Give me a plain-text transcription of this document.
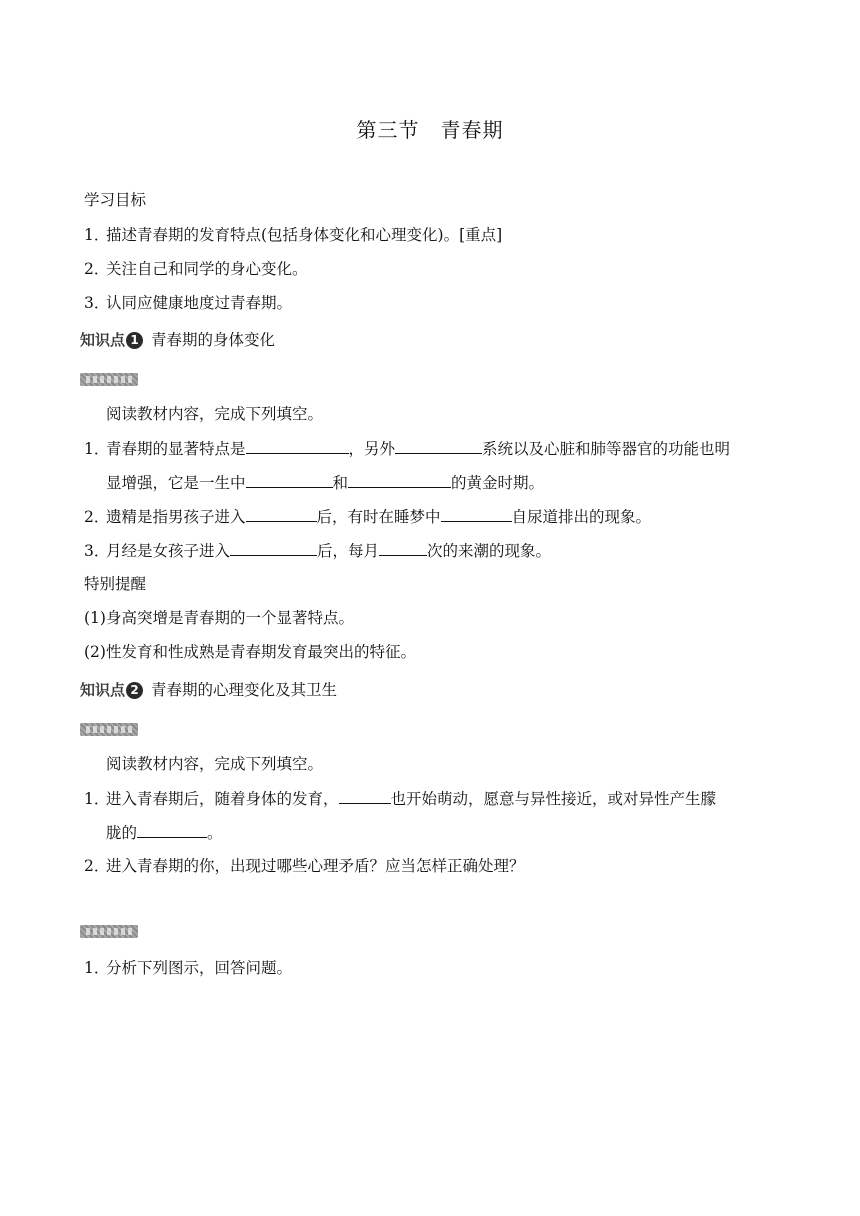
第三节　青春期
学习目标
1．描述青春期的发育特点(包括身体变化和心理变化)。[重点]
2．关注自己和同学的身心变化。
3．认同应健康地度过青春期。
知识点 1 青春期的身体变化
阅读教材内容，完成下列填空。
1．青春期的显著特点是	，另外	系统以及心脏和肺等器官的功能也明
显增强，它是一生中	和	的黄金时期。
2．遗精是指男孩子进入	后，有时在睡梦中	自尿道排出的现象。
3．月经是女孩子进入	后，每月	次的来潮的现象。
特别提醒
(1)身高突增是青春期的一个显著特点。
(2)性发育和性成熟是青春期发育最突出的特征。
知识点 2 青春期的心理变化及其卫生
阅读教材内容，完成下列填空。
1．进入青春期后，随着身体的发育，	也开始萌动，愿意与异性接近，或对异性产生朦
胧的	。
2．进入青春期的你，出现过哪些心理矛盾？应当怎样正确处理？
1．分析下列图示，回答问题。
